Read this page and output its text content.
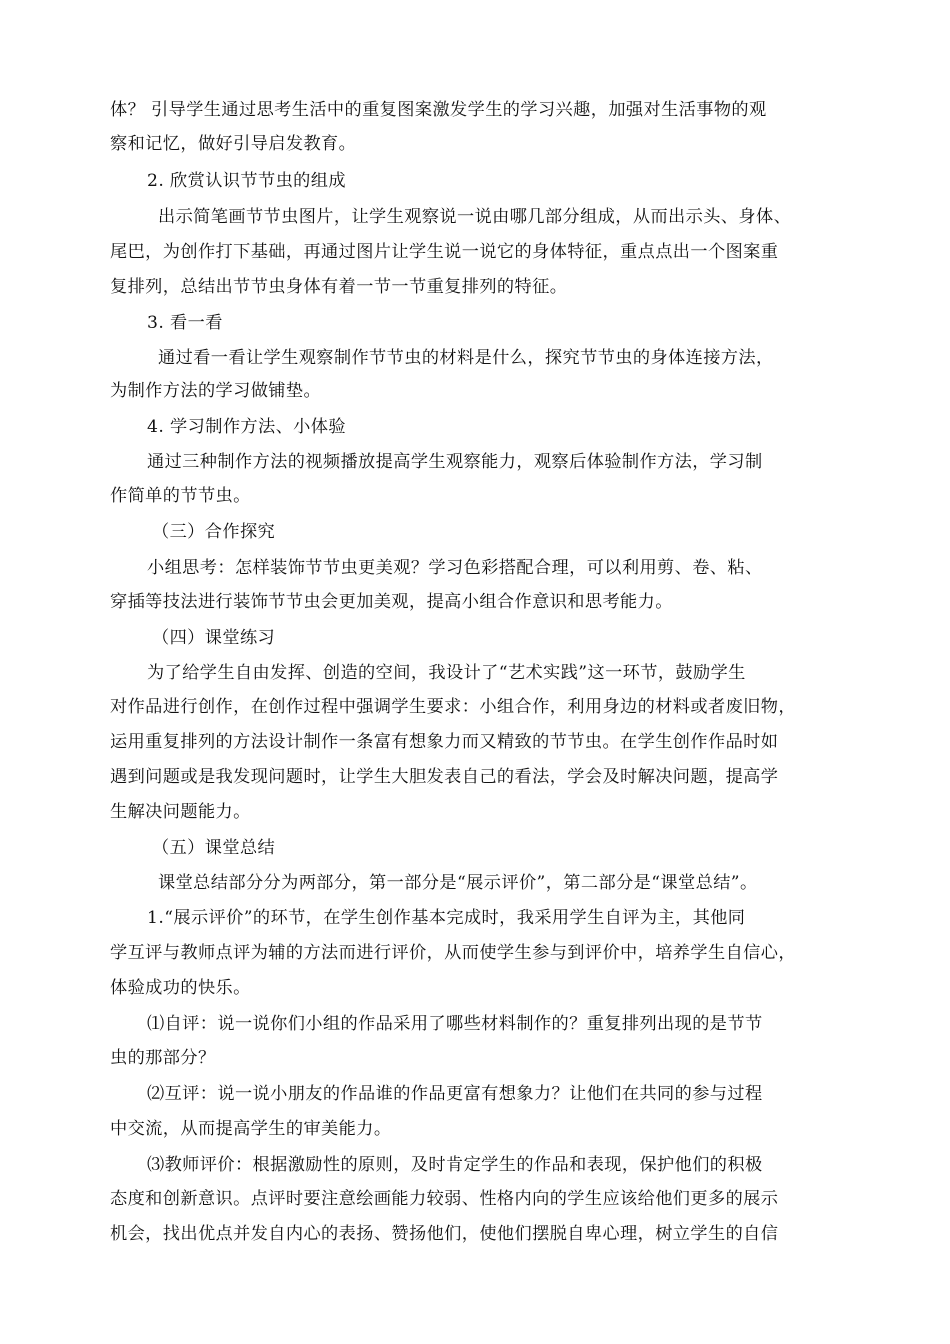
体？ 引导学生通过思考生活中的重复图案激发学生的学习兴趣，加强对生活事物的观
察和记忆，做好引导启发教育。
2. 欣赏认识节节虫的组成
出示简笔画节节虫图片，让学生观察说一说由哪几部分组成，从而出示头、身体、
尾巴，为创作打下基础，再通过图片让学生说一说它的身体特征，重点点出一个图案重
复排列，总结出节节虫身体有着一节一节重复排列的特征。
3. 看一看
通过看一看让学生观察制作节节虫的材料是什么，探究节节虫的身体连接方法，
为制作方法的学习做铺垫。
4. 学习制作方法、小体验
通过三种制作方法的视频播放提高学生观察能力，观察后体验制作方法，学习制
作简单的节节虫。
（三）合作探究
小组思考：怎样装饰节节虫更美观？学习色彩搭配合理，可以利用剪、卷、粘、
穿插等技法进行装饰节节虫会更加美观，提高小组合作意识和思考能力。
（四）课堂练习
为了给学生自由发挥、创造的空间，我设计了“艺术实践”这一环节，鼓励学生
对作品进行创作，在创作过程中强调学生要求：小组合作，利用身边的材料或者废旧物，
运用重复排列的方法设计制作一条富有想象力而又精致的节节虫。在学生创作作品时如
遇到问题或是我发现问题时，让学生大胆发表自己的看法，学会及时解决问题，提高学
生解决问题能力。
（五）课堂总结
课堂总结部分分为两部分，第一部分是“展示评价”，第二部分是“课堂总结”。
1.“展示评价”的环节，在学生创作基本完成时，我采用学生自评为主，其他同
学互评与教师点评为辅的方法而进行评价，从而使学生参与到评价中，培养学生自信心，
体验成功的快乐。
⑴自评：说一说你们小组的作品采用了哪些材料制作的？重复排列出现的是节节
虫的那部分？
⑵互评：说一说小朋友的作品谁的作品更富有想象力？让他们在共同的参与过程
中交流，从而提高学生的审美能力。
⑶教师评价：根据激励性的原则，及时肯定学生的作品和表现，保护他们的积极
态度和创新意识。点评时要注意绘画能力较弱、性格内向的学生应该给他们更多的展示
机会，找出优点并发自内心的表扬、赞扬他们，使他们摆脱自卑心理，树立学生的自信
